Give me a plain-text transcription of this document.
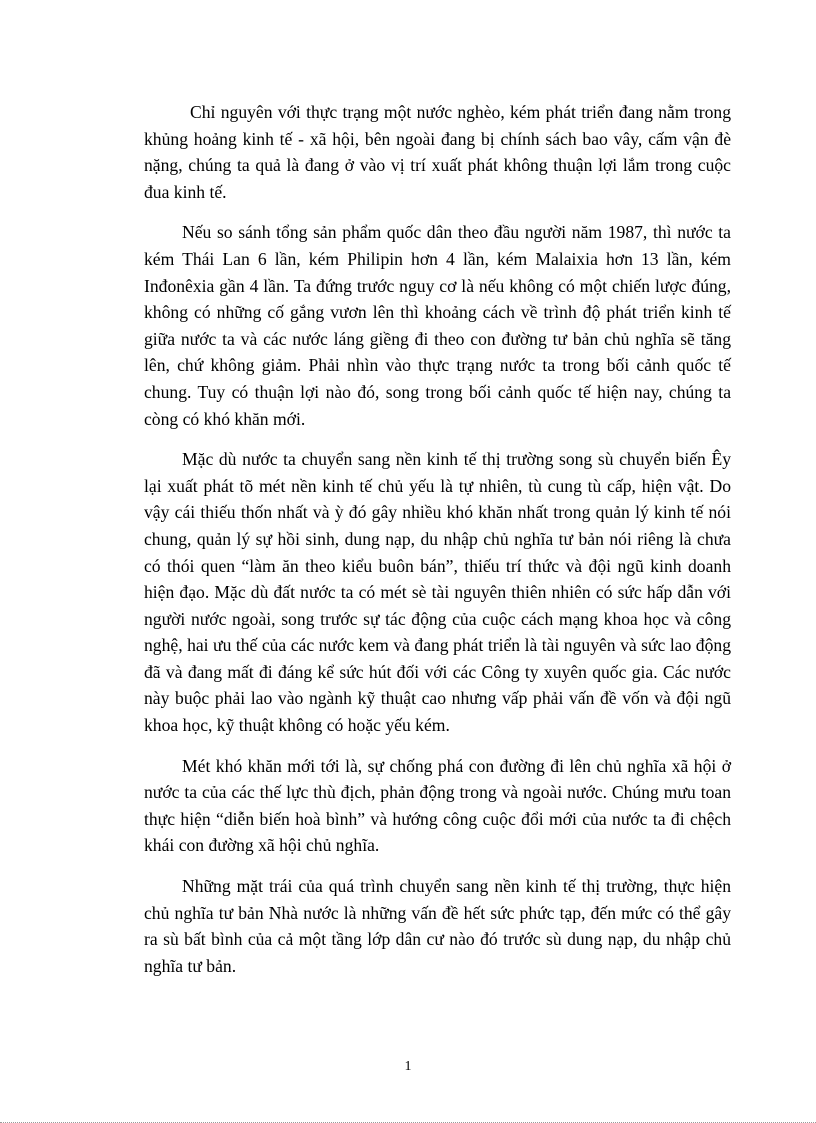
Chỉ nguyên với thực trạng một nước nghèo, kém phát triển đang nằm trong khủng hoảng kinh tế - xã hội, bên ngoài đang bị chính sách bao vây, cấm vận đè nặng, chúng ta quả là đang ở vào vị trí xuất phát không thuận lợi lắm trong cuộc đua kinh tế.

Nếu so sánh tổng sản phẩm quốc dân theo đầu người năm 1987, thì nước ta kém Thái Lan 6 lần, kém Philipin hơn 4 lần, kém Malaixia hơn 13 lần, kém Inđonêxia gần 4 lần. Ta đứng trước nguy cơ là nếu không có một chiến lược đúng, không có những cố gắng vươn lên thì khoảng cách về trình độ phát triển kinh tế giữa nước ta và các nước láng giềng đi theo con đường tư bản chủ nghĩa sẽ tăng lên, chứ không giảm. Phải nhìn vào thực trạng nước ta trong bối cảnh quốc tế chung. Tuy có thuận lợi nào đó, song trong bối cảnh quốc tế hiện nay, chúng ta còng có khó khăn mới.

Mặc dù nước ta chuyển sang nền kinh tế thị trường song sù chuyển biến Êy lại xuất phát tõ mét nền kinh tế chủ yếu là tự nhiên, tù cung tù cấp, hiện vật. Do vậy cái thiếu thốn nhất và ỳ đó gây nhiều khó khăn nhất trong quản lý kinh tế nói chung, quản lý sự hồi sinh, dung nạp, du nhập chủ nghĩa tư bản nói riêng là chưa có thói quen “làm ăn theo kiểu buôn bán”, thiếu trí thức và đội ngũ kinh doanh hiện đạo. Mặc dù đất nước ta có mét sè tài nguyên thiên nhiên có sức hấp dẫn với người nước ngoài, song trước sự tác động của cuộc cách mạng khoa học và công nghệ, hai ưu thế của các nước kem và đang phát triển là tài nguyên và sức lao động đã và đang mất đi đáng kể sức hút đối với các Công ty xuyên quốc gia. Các nước này buộc phải lao vào ngành kỹ thuật cao nhưng vấp phải vấn đề vốn và đội ngũ khoa học, kỹ thuật không có hoặc yếu kém.

Mét khó khăn mới tới là, sự chống phá con đường đi lên chủ nghĩa xã hội ở nước ta của các thế lực thù địch, phản động trong và ngoài nước. Chúng mưu toan thực hiện “diễn biến hoà bình” và hướng công cuộc đổi mới của nước ta đi chệch khái con đường xã hội chủ nghĩa.

Những mặt trái của quá trình chuyển sang nền kinh tế thị trường, thực hiện chủ nghĩa tư bản Nhà nước là những vấn đề hết sức phức tạp, đến mức có thể gây ra sù bất bình của cả một tầng lớp dân cư nào đó trước sù dung nạp, du nhập chủ nghĩa tư bản.

1
